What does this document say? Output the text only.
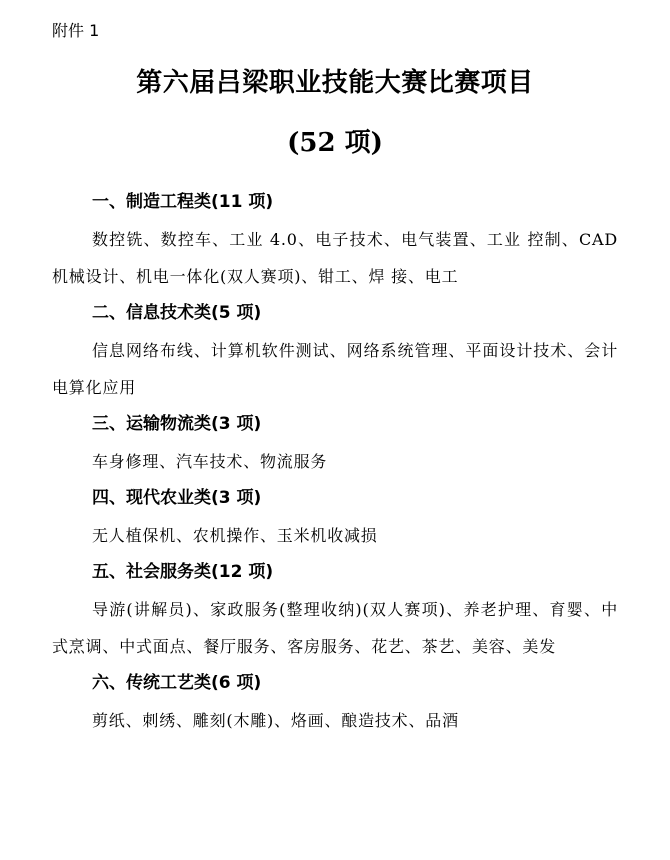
附件 1
第六届吕梁职业技能大赛比赛项目
(52 项)
一、制造工程类(11 项)

数控铣、数控车、工业 4.0、电子技术、电气装置、工业 控制、CAD 机械设计、机电一体化(双人赛项)、钳工、焊 接、电工

二、信息技术类(5 项)

信息网络布线、计算机软件测试、网络系统管理、平面设计技术、会计电算化应用

三、运输物流类(3 项)

车身修理、汽车技术、物流服务

四、现代农业类(3 项)

无人植保机、农机操作、玉米机收减损

五、社会服务类(12 项)

导游(讲解员)、家政服务(整理收纳)(双人赛项)、养老护理、育婴、中式烹调、中式面点、餐厅服务、客房服务、花艺、茶艺、美容、美发

六、传统工艺类(6 项)

剪纸、刺绣、雕刻(木雕)、烙画、酿造技术、品酒
